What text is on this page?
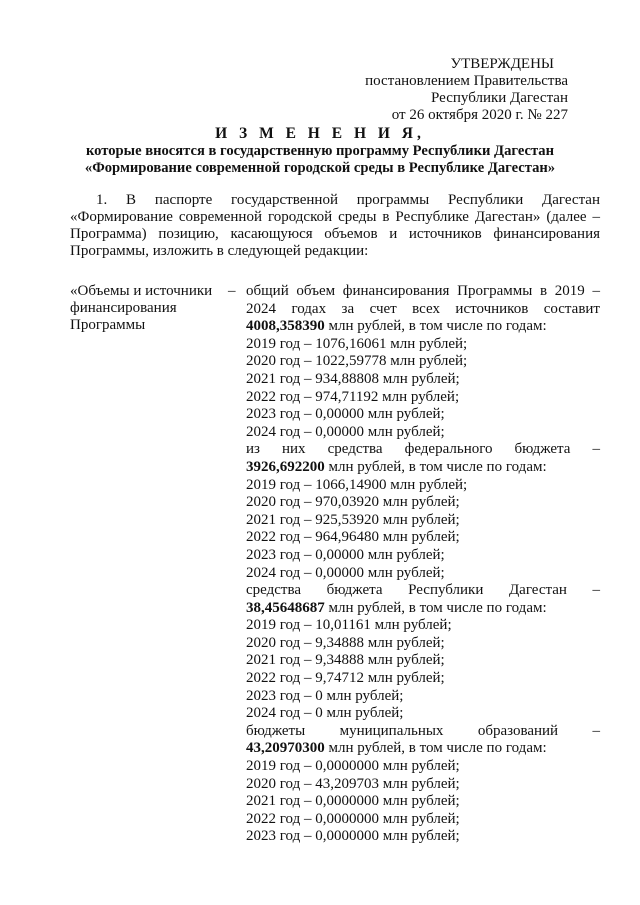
УТВЕРЖДЕНЫ
постановлением Правительства
Республики Дагестан
от 26 октября 2020 г. № 227
И З М Е Н Е Н И Я,
которые вносятся в государственную программу Республики Дагестан
«Формирование современной городской среды в Республике Дагестан»

1. В паспорте государственной программы Республики Дагестан «Формирование современной городской среды в Республике Дагестан» (далее – Программа) позицию, касающуюся объемов и источников финансирования Программы, изложить в следующей редакции:

«Объемы и источники
финансирования
Программы
– общий объем финансирования Программы в 2019 – 2024 годах за счет всех источников составит
4008,358390 млн рублей, в том числе по годам:
2019 год – 1076,16061 млн рублей;
2020 год – 1022,59778 млн рублей;
2021 год – 934,88808 млн рублей;
2022 год – 974,71192 млн рублей;
2023 год – 0,00000 млн рублей;
2024 год – 0,00000 млн рублей;
из них средства федерального бюджета –
3926,692200 млн рублей, в том числе по годам:
2019 год – 1066,14900 млн рублей;
2020 год – 970,03920 млн рублей;
2021 год – 925,53920 млн рублей;
2022 год – 964,96480 млн рублей;
2023 год – 0,00000 млн рублей;
2024 год – 0,00000 млн рублей;
средства бюджета Республики Дагестан –
38,45648687 млн рублей, в том числе по годам:
2019 год – 10,01161 млн рублей;
2020 год – 9,34888 млн рублей;
2021 год – 9,34888 млн рублей;
2022 год – 9,74712 млн рублей;
2023 год – 0 млн рублей;
2024 год – 0 млн рублей;
бюджеты муниципальных образований –
43,20970300 млн рублей, в том числе по годам:
2019 год – 0,0000000 млн рублей;
2020 год – 43,209703 млн рублей;
2021 год – 0,0000000 млн рублей;
2022 год – 0,0000000 млн рублей;
2023 год – 0,0000000 млн рублей;
